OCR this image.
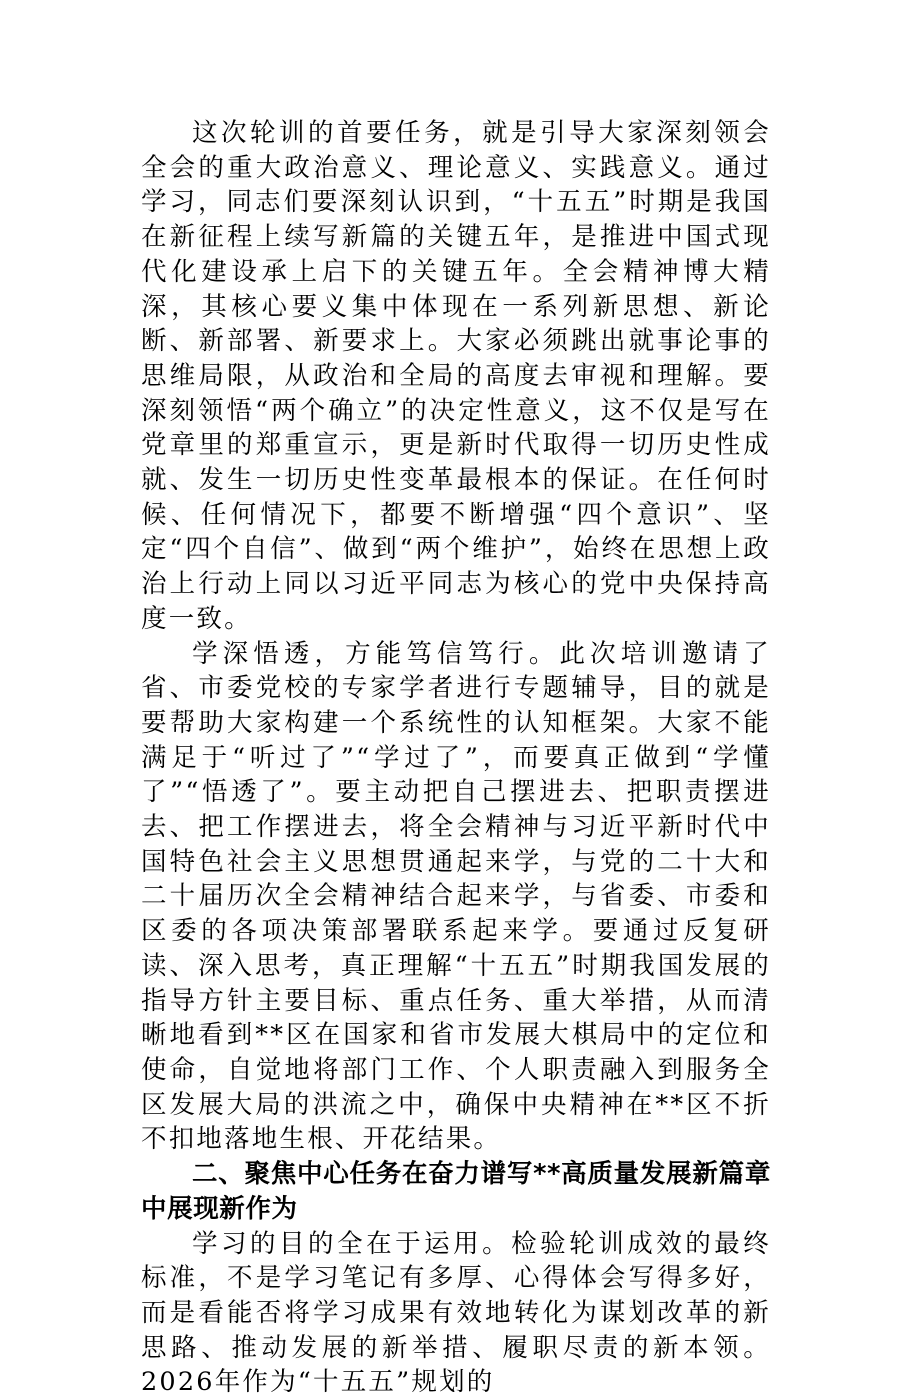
这次轮训的首要任务，就是引导大家深刻领会全会的重大政治意义、理论意义、实践意义。通过学习，同志们要深刻认识到，“十五五”时期是我国在新征程上续写新篇的关键五年，是推进中国式现代化建设承上启下的关键五年。全会精神博大精深，其核心要义集中体现在一系列新思想、新论断、新部署、新要求上。大家必须跳出就事论事的思维局限，从政治和全局的高度去审视和理解。要深刻领悟“两个确立”的决定性意义，这不仅是写在党章里的郑重宣示，更是新时代取得一切历史性成就、发生一切历史性变革最根本的保证。在任何时候、任何情况下，都要不断增强“四个意识”、坚定“四个自信”、做到“两个维护”，始终在思想上政治上行动上同以习近平同志为核心的党中央保持高度一致。

学深悟透，方能笃信笃行。此次培训邀请了省、市委党校的专家学者进行专题辅导，目的就是要帮助大家构建一个系统性的认知框架。大家不能满足于“听过了”“学过了”，而要真正做到“学懂了”“悟透了”。要主动把自己摆进去、把职责摆进去、把工作摆进去，将全会精神与习近平新时代中国特色社会主义思想贯通起来学，与党的二十大和二十届历次全会精神结合起来学，与省委、市委和区委的各项决策部署联系起来学。要通过反复研读、深入思考，真正理解“十五五”时期我国发展的指导方针主要目标、重点任务、重大举措，从而清晰地看到**区在国家和省市发展大棋局中的定位和使命，自觉地将部门工作、个人职责融入到服务全区发展大局的洪流之中，确保中央精神在**区不折不扣地落地生根、开花结果。

二、聚焦中心任务在奋力谱写**高质量发展新篇章中展现新作为

学习的目的全在于运用。检验轮训成效的最终标准，不是学习笔记有多厚、心得体会写得多好，而是看能否将学习成果有效地转化为谋划改革的新思路、推动发展的新举措、履职尽责的新本领。2026年作为“十五五”规划的
